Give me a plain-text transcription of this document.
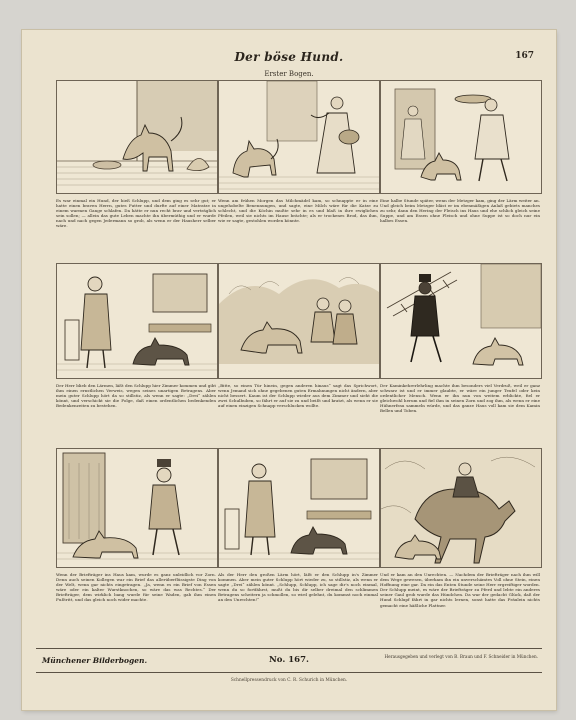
Der böse Hund.	167
Erster Bogen.
Es war einmal ein Hund, der hieß Schlupp, und dem ging es sehr gut; er hatte einen braven Herrn, gutes Futter und durfte auf einer Matratze in einem warmen Gange schlafen. Da hätte er nun recht brav und verträglich sein sollen; — allein das gute Leben machte ihn übermüthig und er wurde nach und nach gegen Jedermann so grob, als wenn er der Hausherr selber wäre.
Wenn am frühen Morgen das Milchmädel kam, so schnappte er in eine ungehobelte Benennungen, und sagte, eine Milch wäre für die Katze zu schlecht, und die Köchin mußte sehr in es und blaß in ihre ewiglichen Pfeilen, weil sie nichts im Hause brächte; als er trockenes Brod, das ihm, wie er sagte, gestohlen worden könnte.
Eine halbe Stunde später, wenn der Metzger kam, ging der Lärm weiter an. Und gleich beim Metzger bläst er im ebenmäßigen Anlaß gebiets manches zu sehr, dann den Hering der Fleisch ins Haus und ehe schlich gleich seine Suppe, und am Essen ohne Fleisch und ohne Suppe ist so doch nur ein halbes Essen.
Der Herr blieb den Lärmen, läßt den Schlupp hier Zimmer kommen und gibt ihm einen ernstlichen Verweis, wegen seines unartigen Betragens. Aber mein guter Schlupp hört da so stillstiz, als wenn er sagte: „Drei“ zählen könnt, und verschickt sie die Folge, daß einen ordentlichen bedenkenden Bedenkenzeiten zu bestehen.
„Bitte, so einen Tür hinein, gegen anderen hinaus“ sagt das Sprichwort, wenn Jemand sich ohne gegebenen guten Ermahnungen nicht ändern, aber nicht bessert. Kaum ist der Schlupp wieder aus dem Zimmer und sieht die zwei Schulbuben, so fährt er auf sie zu und beißt und kratzt, als wenn er sie auf einen einzigen Schnapp verschlucken wollte.
Der Kaminkehrerlehrling machte ihm besonders viel Verdruß, weil er ganz schwarz ist und er immer glaubte, er wäre ein junger Teufel oder kein ordentlicher Mensch. Wenn er ihn nun von weitem erblickte, fiel er gleichwohl herum und fiel ihm in seinen Zorn und zog ihm, als wenn er eine Hühnerfrau sammeln würde, und das ganze Haus voll kam sie dem Kamin Bellen und Toben.
Wenn der Briefträger ins Haus kam, wurde es ganz unleidlich vor Zorn. Denn auch seinen Kollegen war ein Brief das allerüberflüssigste Ding von der Welt, wenn gar nichts eingetragen. „Ja, wenn es ein Brief von Essen wäre oder ein kalter Wurstknochen, so wäre das was Rechtes.“ Der Briefträger, dem wirklich bang wurde für seine Waden, gab ihm einen Fußtritt, und das gleich noch wider machte.
Als der Herr den großen Lärm hört, läßt er den Schlupp in's Zimmer kommen. Aber mein guter Schlupp hört wieder zu, so stillstiz, als wenn er sagte „Drei“ zählen könnt. „Schlupp, Schlupp, ich sage dir's noch einmal, wenn du so fortfährst, mußt du bis dir selber dreimal den schlimmen Betragens scheitern ja schmollen, so wird gelehnt, du kommst noch einmal an den Unrechten!“
Und er kam an den Unrechten. — Nachdem der Briefträger nach ihm will dem Wege gewesen, überkam ihn ein unverschämtes Voll ohne Stein, einen Hoffnung eine gar. Da ein das Enten Stunde seine Herr ergreiftiger worden. Der Schlupp meint, es wäre der Briefträger zu Pferd und lebte ein anderes seiner Gaul grob wurde das Hündchen. Da war der gedacht Glück, daß der Hund Schlupf fährt in gar nichts lernen, sonst hatte das Fräulein nichts gemacht eine häßliche Plattner.
Münchener Bilderbogen.	No. 167.	Herausgegeben und verlegt von B. Braun und F. Schneider in München.
Schnellpressendruck von C. R. Schurich in München.
